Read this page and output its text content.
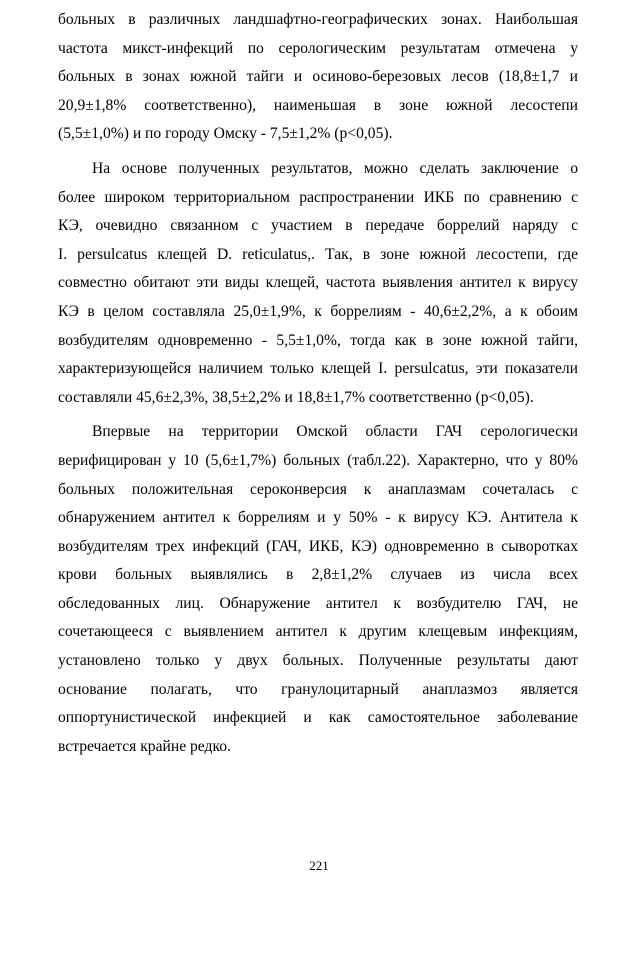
больных в различных ландшафтно-географических зонах. Наибольшая
частота микст-инфекций по серологическим результатам отмечена у
больных в зонах южной тайги и осиново-березовых лесов (18,8±1,7 и
20,9±1,8% соответственно), наименьшая в зоне южной лесостепи
(5,5±1,0%) и по городу Омску - 7,5±1,2% (р<0,05).
На основе полученных результатов, можно сделать заключение о
более широком территориальном распространении ИКБ по сравнению с
КЭ, очевидно связанном с участием в передаче боррелий наряду с
I. persulcatus клещей D. reticulatus,. Так, в зоне южной лесостепи, где
совместно обитают эти виды клещей, частота выявления антител к вирусу
КЭ в целом составляла 25,0±1,9%, к боррелиям - 40,6±2,2%, а к обоим
возбудителям одновременно - 5,5±1,0%, тогда как в зоне южной тайги,
характеризующейся наличием только клещей I. persulcatus, эти показатели
составляли 45,6±2,3%, 38,5±2,2% и 18,8±1,7% соответственно (р<0,05).
Впервые на территории Омской области ГАЧ серологически
верифицирован у 10 (5,6±1,7%) больных (табл.22). Характерно, что у 80%
больных положительная сероконверсия к анаплазмам сочеталась с
обнаружением антител к боррелиям и у 50% - к вирусу КЭ. Антитела к
возбудителям трех инфекций (ГАЧ, ИКБ, КЭ) одновременно в сыворотках
крови больных выявлялись в 2,8±1,2% случаев из числа всех
обследованных лиц. Обнаружение антител к возбудителю ГАЧ, не
сочетающееся с выявлением антител к другим клещевым инфекциям,
установлено только у двух больных. Полученные результаты дают
основание полагать, что гранулоцитарный анаплазмоз является
оппортунистической инфекцией и как самостоятельное заболевание
встречается крайне редко.
221
